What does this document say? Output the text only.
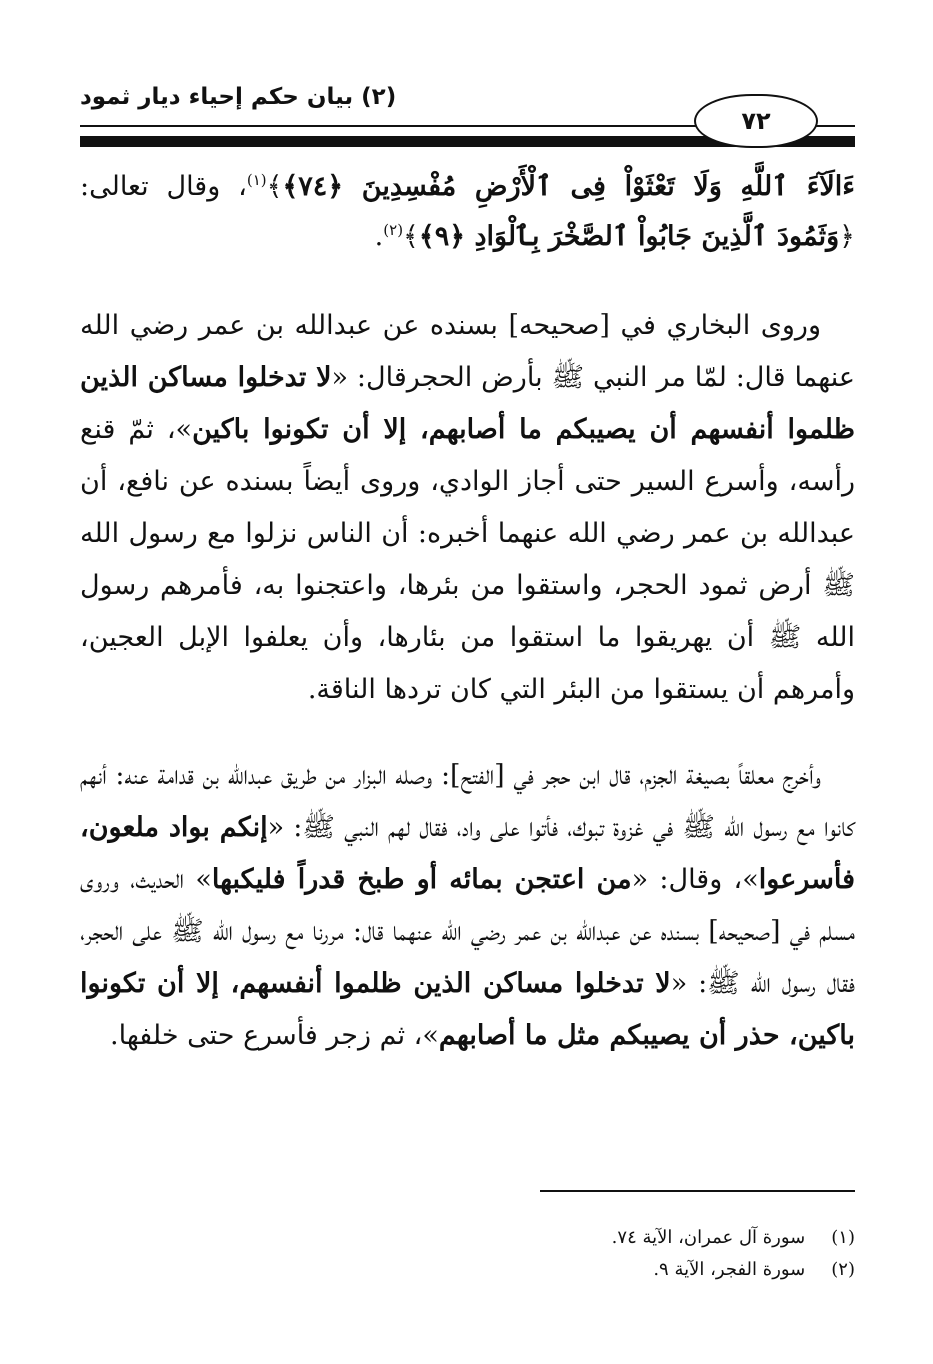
(٢) بيان حكم إحياء ديار ثمود
٧٢

ءَالَآءَ ٱللَّهِ وَلَا تَعْثَوْاْ فِى ٱلْأَرْضِ مُفْسِدِينَ ﴿٧٤﴾﴾$^{(١)}$، وقال تعالى: ﴿وَثَمُودَ ٱلَّذِينَ جَابُواْ ٱلصَّخْرَ بِٱلْوَادِ ﴿٩﴾﴾$^{(٢)}$.

وروى البخاري في [صحيحه] بسنده عن عبدالله بن عمر رضي الله عنهما قال: لمّا مر النبي ﷺ بأرض الحجرقال: «لا تدخلوا مساكن الذين ظلموا أنفسهم أن يصيبكم ما أصابهم، إلا أن تكونوا باكين»، ثمّ قنع رأسه، وأسرع السير حتى أجاز الوادي، وروى أيضاً بسنده عن نافع، أن عبدالله بن عمر رضي الله عنهما أخبره: أن الناس نزلوا مع رسول الله ﷺ أرض ثمود الحجر، واستقوا من بئرها، واعتجنوا به، فأمرهم رسول الله ﷺ أن يهريقوا ما استقوا من بئارها، وأن يعلفوا الإبل العجين، وأمرهم أن يستقوا من البئر التي كان تردها الناقة.

وأخرج معلقاً بصيغة الجزم، قال ابن حجر في [الفتح]: وصله البزار من طريق عبدالله بن قدامة عنه: أنهم كانوا مع رسول الله ﷺ في غزوة تبوك، فأتوا على واد، فقال لهم النبي ﷺ: «إنكم بواد ملعون، فأسرعوا»، وقال: «من اعتجن بمائه أو طبخ قدراً فليكبها» الحديث، وروى مسلم في [صحيحه] بسنده عن عبدالله بن عمر رضي الله عنهما قال: مررنا مع رسول الله ﷺ على الحجر، فقال رسول الله ﷺ: «لا تدخلوا مساكن الذين ظلموا أنفسهم، إلا أن تكونوا باكين، حذر أن يصيبكم مثل ما أصابهم»، ثم زجر فأسرع حتى خلفها.

(١)
سورة آل عمران، الآية ٧٤.
(٢)
سورة الفجر، الآية ٩.
